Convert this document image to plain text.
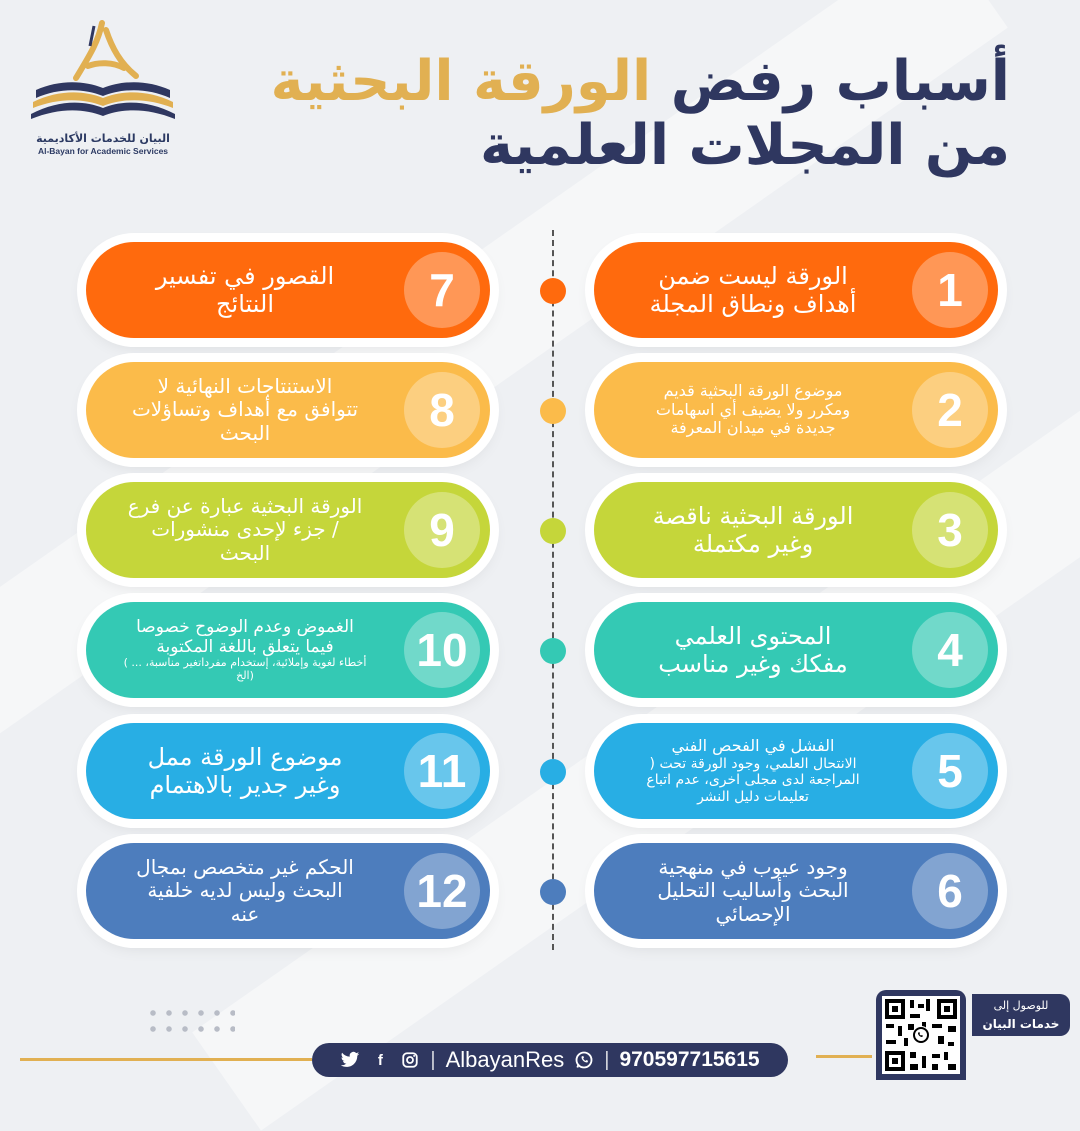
البيان للخدمات الأكاديمية
Al-Bayan for Academic Services
أسباب رفض الورقة البحثية
من المجلات العلمية
1
الورقة ليست ضمن
أهداف ونطاق المجلة
2
موضوع الورقة البحثية قديم
ومكرر ولا يضيف أي اسهامات
جديدة في ميدان المعرفة
3
الورقة البحثية ناقصة
وغير مكتملة
4
المحتوى العلمي
مفكك وغير مناسب
5
الفشل في الفحص الفني
الانتحال العلمي، وجود الورقة تحت (
المراجعة لدى مجلى اخرى، عدم اتباع
تعليمات دليل النشر
6
وجود عيوب في منهجية
البحث وأساليب التحليل
الإحصائي
7
القصور في تفسير
النتائج
8
الاستنتاجات النهائية لا
تتوافق مع أهداف وتساؤلات
البحث
9
الورقة البحثية عبارة عن فرع
/ جزء لإحدى منشورات
البحث
10
الغموض وعدم الوضوح خصوصا
فيما يتعلق باللغة المكتوبة
أخطاء لغوية وإملائية، إستخدام مفرداتغير مناسبة، ... )
(الخ
11
موضوع الورقة ممل
وغير جدير بالاهتمام
12
الحكم غير متخصص بمجال
البحث وليس لديه خلفية
عنه
f	| AlbayanRes | 970597715615
للوصول إلى
خدمات البيان
